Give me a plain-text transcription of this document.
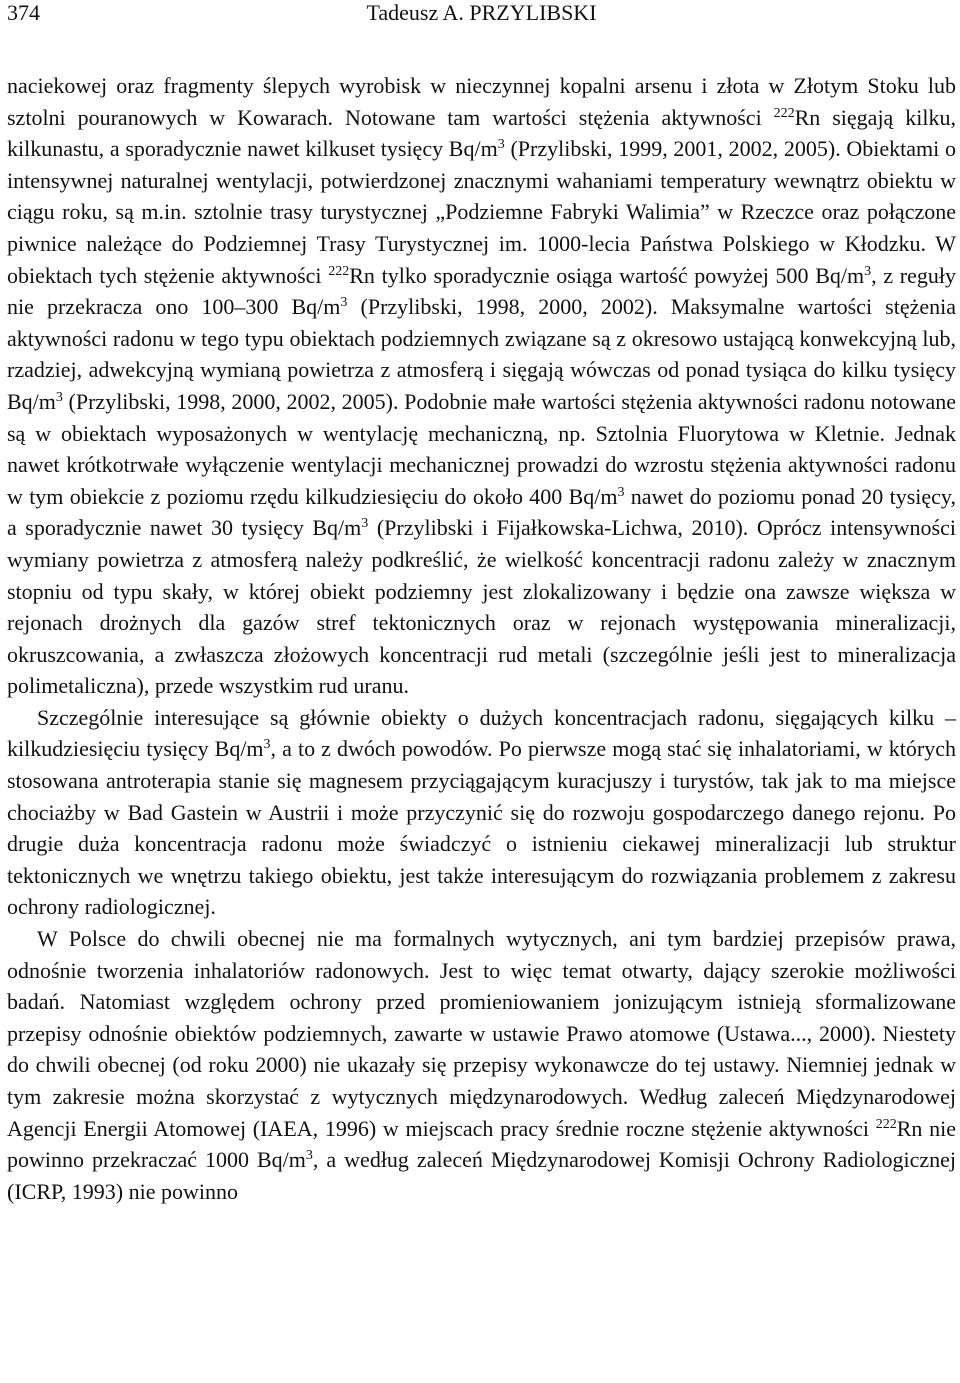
374	Tadeusz A. PRZYLIBSKI

naciekowej oraz fragmenty ślepych wyrobisk w nieczynnej kopalni arsenu i złota w Złotym Stoku lub sztolni pouranowych w Kowarach. Notowane tam wartości stężenia aktywności $^{222}$Rn sięgają kilku, kilkunastu, a sporadycznie nawet kilkuset tysięcy $Bq/m^3$ (Przylibski, 1999, 2001, 2002, 2005). Obiektami o intensywnej naturalnej wentylacji, potwierdzonej znacznymi wahaniami temperatury wewnątrz obiektu w ciągu roku, są m.in. sztolnie trasy turystycznej „Podziemne Fabryki Walimia” w Rzeczce oraz połączone piwnice należące do Podziemnej Trasy Turystycznej im. 1000-lecia Państwa Polskiego w Kłodzku. W obiektach tych stężenie aktywności $^{222}$Rn tylko sporadycznie osiąga wartość powyżej 500 $Bq/m^3$, z reguły nie przekracza ono 100–300 $Bq/m^3$ (Przylibski, 1998, 2000, 2002). Maksymalne wartości stężenia aktywności radonu w tego typu obiektach podziemnych związane są z okresowo ustającą konwekcyjną lub, rzadziej, adwekcyjną wymianą powietrza z atmosferą i sięgają wówczas od ponad tysiąca do kilku tysięcy $Bq/m^3$ (Przylibski, 1998, 2000, 2002, 2005). Podobnie małe wartości stężenia aktywności radonu notowane są w obiektach wyposażonych w wentylację mechaniczną, np. Sztolnia Fluorytowa w Kletnie. Jednak nawet krótkotrwałe wyłączenie wentylacji mechanicznej prowadzi do wzrostu stężenia aktywności radonu w tym obiekcie z poziomu rzędu kilkudziesięciu do około 400 $Bq/m^3$ nawet do poziomu ponad 20 tysięcy, a sporadycznie nawet 30 tysięcy $Bq/m^3$ (Przylibski i Fijałkowska-Lichwa, 2010). Oprócz intensywności wymiany powietrza z atmosferą należy podkreślić, że wielkość koncentracji radonu zależy w znacznym stopniu od typu skały, w której obiekt podziemny jest zlokalizowany i będzie ona zawsze większa w rejonach drożnych dla gazów stref tektonicznych oraz w rejonach występowania mineralizacji, okruszcowania, a zwłaszcza złożowych koncentracji rud metali (szczególnie jeśli jest to mineralizacja polimetaliczna), przede wszystkim rud uranu.

Szczególnie interesujące są głównie obiekty o dużych koncentracjach radonu, sięgających kilku – kilkudziesięciu tysięcy $Bq/m^3$, a to z dwóch powodów. Po pierwsze mogą stać się inhalatoriami, w których stosowana antroterapia stanie się magnesem przyciągającym kuracjuszy i turystów, tak jak to ma miejsce chociażby w Bad Gastein w Austrii i może przyczynić się do rozwoju gospodarczego danego rejonu. Po drugie duża koncentracja radonu może świadczyć o istnieniu ciekawej mineralizacji lub struktur tektonicznych we wnętrzu takiego obiektu, jest także interesującym do rozwiązania problemem z zakresu ochrony radiologicznej.

W Polsce do chwili obecnej nie ma formalnych wytycznych, ani tym bardziej przepisów prawa, odnośnie tworzenia inhalatoriów radonowych. Jest to więc temat otwarty, dający szerokie możliwości badań. Natomiast względem ochrony przed promieniowaniem jonizującym istnieją sformalizowane przepisy odnośnie obiektów podziemnych, zawarte w ustawie Prawo atomowe (Ustawa..., 2000). Niestety do chwili obecnej (od roku 2000) nie ukazały się przepisy wykonawcze do tej ustawy. Niemniej jednak w tym zakresie można skorzystać z wytycznych międzynarodowych. Według zaleceń Międzynarodowej Agencji Energii Atomowej (IAEA, 1996) w miejscach pracy średnie roczne stężenie aktywności $^{222}$Rn nie powinno przekraczać 1000 $Bq/m^3$, a według zaleceń Międzynarodowej Komisji Ochrony Radiologicznej (ICRP, 1993) nie powinno
